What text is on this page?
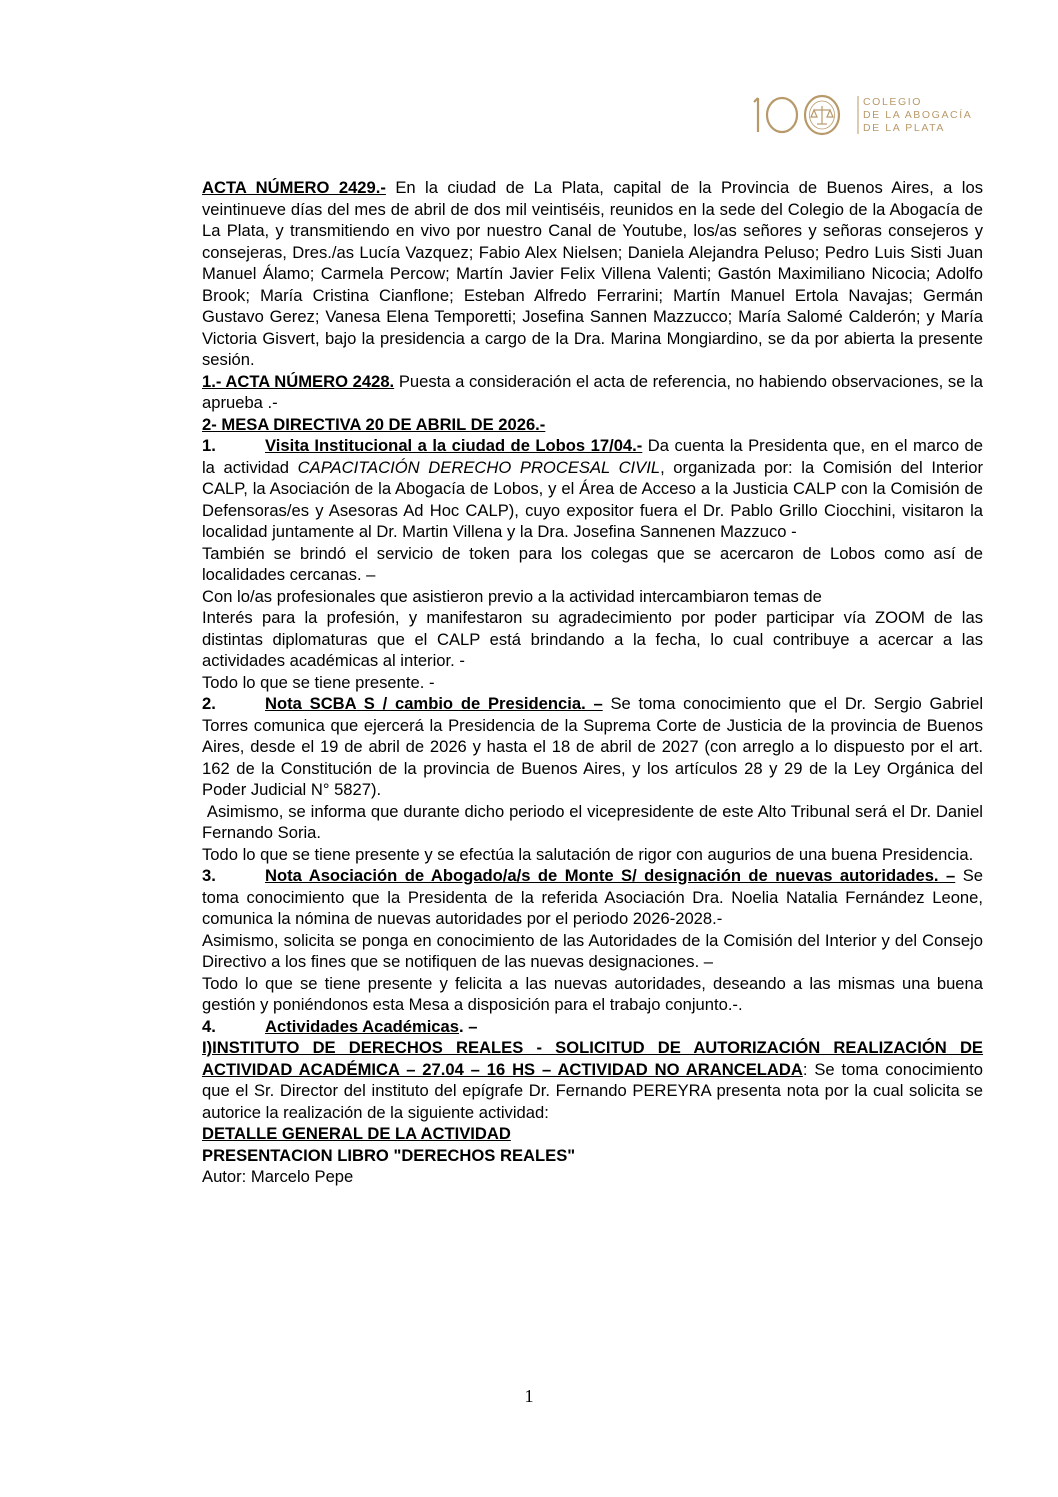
COLEGIO
DE LA ABOGACÍA
DE LA PLATA

ACTA NÚMERO 2429.- En la ciudad de La Plata, capital de la Provincia de Buenos Aires, a los veintinueve días del mes de abril de dos mil veintiséis, reunidos en la sede del Colegio de la Abogacía de La Plata, y transmitiendo en vivo por nuestro Canal de Youtube, los/as señores y señoras consejeros y consejeras, Dres./as Lucía Vazquez; Fabio Alex Nielsen; Daniela Alejandra Peluso; Pedro Luis Sisti Juan Manuel Álamo; Carmela Percow; Martín Javier Felix Villena Valenti; Gastón Maximiliano Nicocia; Adolfo Brook; María Cristina Cianflone; Esteban Alfredo Ferrarini; Martín Manuel Ertola Navajas; Germán Gustavo Gerez; Vanesa Elena Temporetti; Josefina Sannen Mazzucco; María Salomé Calderón; y María Victoria Gisvert, bajo la presidencia a cargo de la Dra. Marina Mongiardino, se da por abierta la presente sesión.

1.- ACTA NÚMERO 2428. Puesta a consideración el acta de referencia, no habiendo observaciones, se la aprueba .-

2- MESA DIRECTIVA 20 DE ABRIL DE 2026.-

1.	Visita Institucional a la ciudad de Lobos 17/04.- Da cuenta la Presidenta que, en el marco de la actividad CAPACITACIÓN DERECHO PROCESAL CIVIL, organizada por: la Comisión del Interior CALP, la Asociación de la Abogacía de Lobos, y el Área de Acceso a la Justicia CALP con la Comisión de Defensoras/es y Asesoras Ad Hoc CALP), cuyo expositor fuera el Dr. Pablo Grillo Ciocchini, visitaron la localidad juntamente al Dr. Martin Villena y la Dra. Josefina Sannenen Mazzuco -

También se brindó el servicio de token para los colegas que se acercaron de Lobos como así de localidades cercanas. –

Con lo/as profesionales que asistieron previo a la actividad intercambiaron temas de

Interés para la profesión, y manifestaron su agradecimiento por poder participar vía ZOOM de las distintas diplomaturas que el CALP está brindando a la fecha, lo cual contribuye a acercar a las actividades académicas al interior. -

Todo lo que se tiene presente. -

2.	Nota SCBA S / cambio de Presidencia. – Se toma conocimiento que el Dr. Sergio Gabriel Torres comunica que ejercerá la Presidencia de la Suprema Corte de Justicia de la provincia de Buenos Aires, desde el 19 de abril de 2026 y hasta el 18 de abril de 2027 (con arreglo a lo dispuesto por el art. 162 de la Constitución de la provincia de Buenos Aires, y los artículos 28 y 29 de la Ley Orgánica del Poder Judicial N° 5827).

Asimismo, se informa que durante dicho periodo el vicepresidente de este Alto Tribunal será el Dr. Daniel Fernando Soria.

Todo lo que se tiene presente y se efectúa la salutación de rigor con augurios de una buena Presidencia.

3.	Nota Asociación de Abogado/a/s de Monte S/ designación de nuevas autoridades. – Se toma conocimiento que la Presidenta de la referida Asociación Dra. Noelia Natalia Fernández Leone, comunica la nómina de nuevas autoridades por el periodo 2026-2028.-

Asimismo, solicita se ponga en conocimiento de las Autoridades de la Comisión del Interior y del Consejo Directivo a los fines que se notifiquen de las nuevas designaciones. –

Todo lo que se tiene presente y felicita a las nuevas autoridades, deseando a las mismas una buena gestión y poniéndonos esta Mesa a disposición para el trabajo conjunto.-.

4.	Actividades Académicas. –

I)INSTITUTO DE DERECHOS REALES - SOLICITUD DE AUTORIZACIÓN REALIZACIÓN DE ACTIVIDAD ACADÉMICA – 27.04 – 16 HS – ACTIVIDAD NO ARANCELADA: Se toma conocimiento que el Sr. Director del instituto del epígrafe Dr. Fernando PEREYRA presenta nota por la cual solicita se autorice la realización de la siguiente actividad:

DETALLE GENERAL DE LA ACTIVIDAD

PRESENTACION LIBRO "DERECHOS REALES"

Autor: Marcelo Pepe

1
